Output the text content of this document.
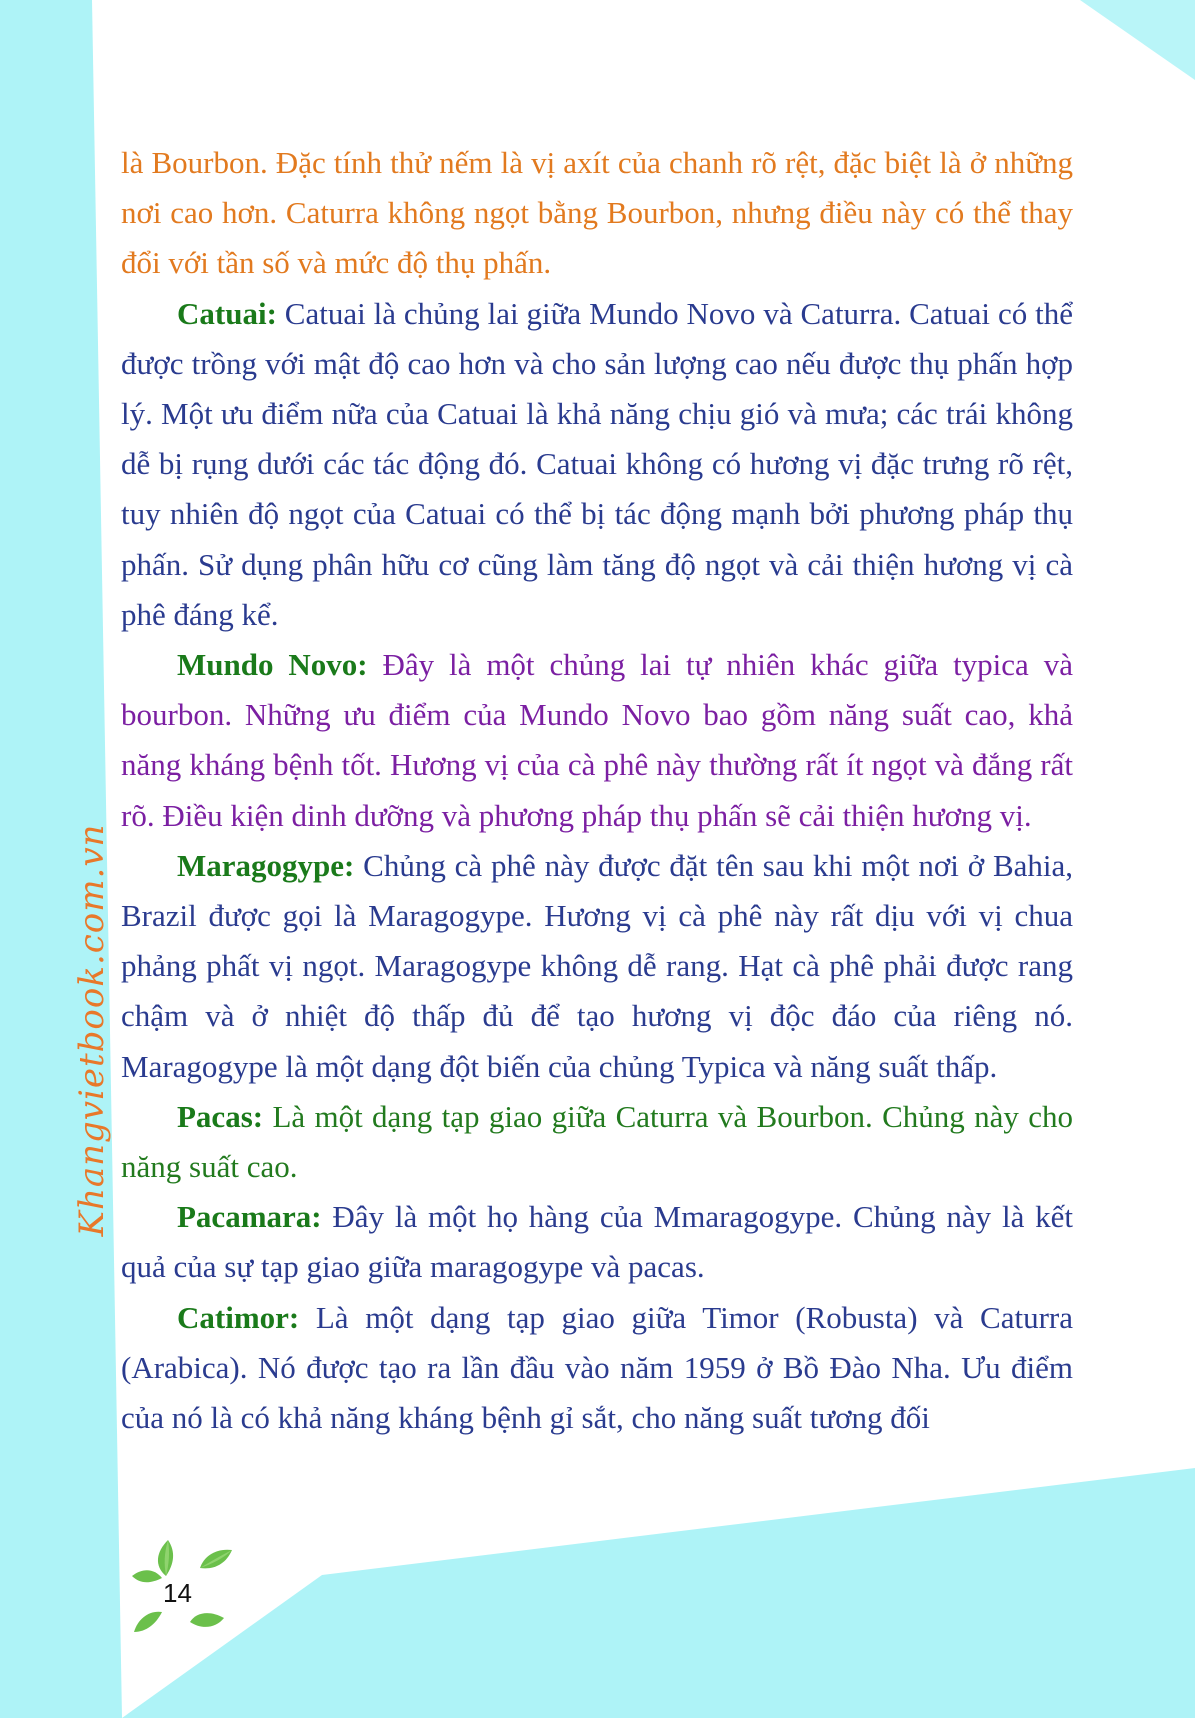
Khangvietbook.com.vn

là Bourbon. Đặc tính thử nếm là vị axít của chanh rõ rệt, đặc biệt là ở những nơi cao hơn. Caturra không ngọt bằng Bourbon, nhưng điều này có thể thay đổi với tần số và mức độ thụ phấn.

Catuai: Catuai là chủng lai giữa Mundo Novo và Caturra. Catuai có thể được trồng với mật độ cao hơn và cho sản lượng cao nếu được thụ phấn hợp lý. Một ưu điểm nữa của Catuai là khả năng chịu gió và mưa; các trái không dễ bị rụng dưới các tác động đó. Catuai không có hương vị đặc trưng rõ rệt, tuy nhiên độ ngọt của Catuai có thể bị tác động mạnh bởi phương pháp thụ phấn. Sử dụng phân hữu cơ cũng làm tăng độ ngọt và cải thiện hương vị cà phê đáng kể.

Mundo Novo: Đây là một chủng lai tự nhiên khác giữa typica và bourbon. Những ưu điểm của Mundo Novo bao gồm năng suất cao, khả năng kháng bệnh tốt. Hương vị của cà phê này thường rất ít ngọt và đắng rất rõ. Điều kiện dinh dưỡng và phương pháp thụ phấn sẽ cải thiện hương vị.

Maragogype: Chủng cà phê này được đặt tên sau khi một nơi ở Bahia, Brazil được gọi là Maragogype. Hương vị cà phê này rất dịu với vị chua phảng phất vị ngọt. Maragogype không dễ rang. Hạt cà phê phải được rang chậm và ở nhiệt độ thấp đủ để tạo hương vị độc đáo của riêng nó. Maragogype là một dạng đột biến của chủng Typica và năng suất thấp.

Pacas: Là một dạng tạp giao giữa Caturra và Bourbon. Chủng này cho năng suất cao.

Pacamara: Đây là một họ hàng của Mmaragogype. Chủng này là kết quả của sự tạp giao giữa maragogype và pacas.

Catimor: Là một dạng tạp giao giữa Timor (Robusta) và Caturra (Arabica). Nó được tạo ra lần đầu vào năm 1959 ở Bồ Đào Nha. Ưu điểm của nó là có khả năng kháng bệnh gỉ sắt, cho năng suất tương đối

14
